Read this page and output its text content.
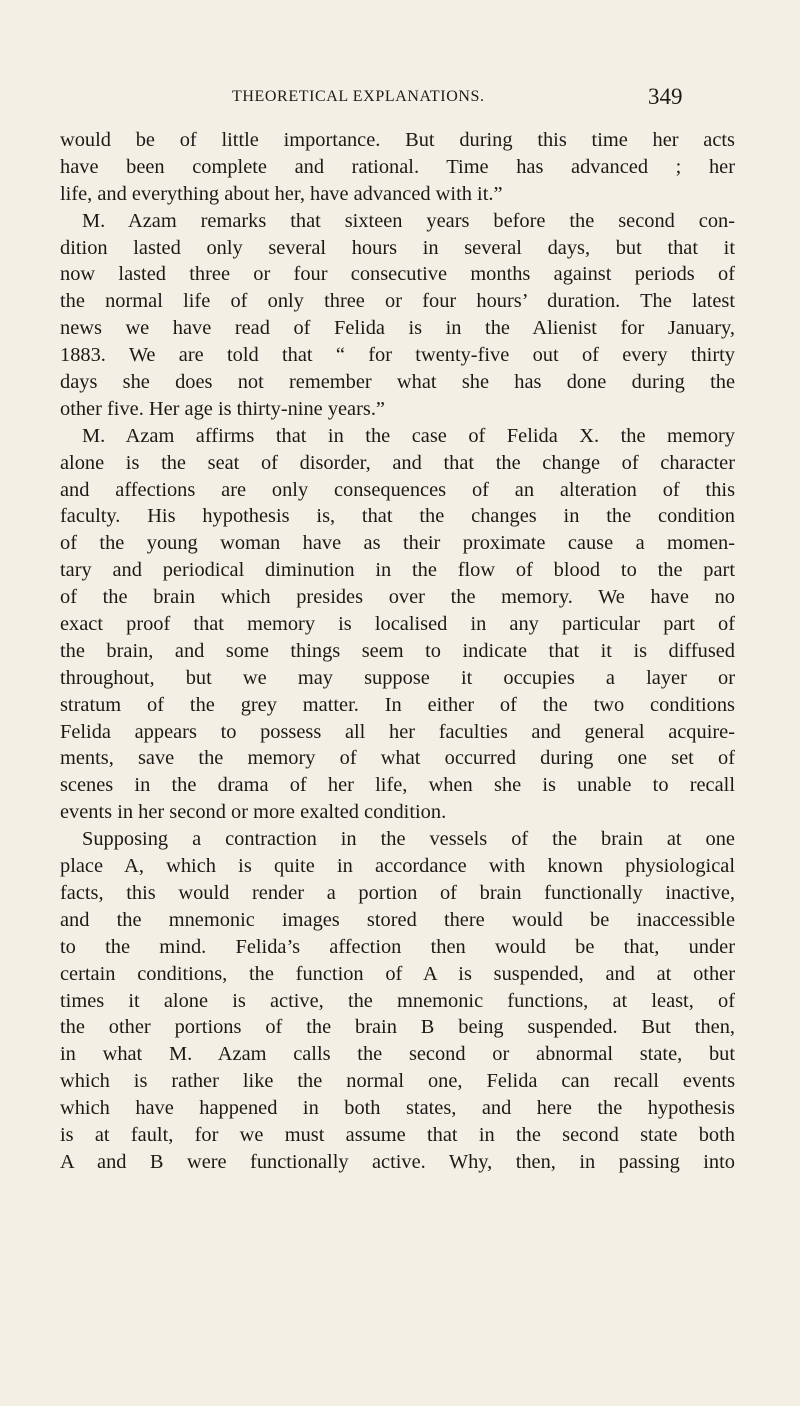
THEORETICAL EXPLANATIONS.	349
would be of little importance. But during this time her acts
have been complete and rational. Time has advanced ; her
life, and everything about her, have advanced with it.”
M. Azam remarks that sixteen years before the second con-
dition lasted only several hours in several days, but that it
now lasted three or four consecutive months against periods of
the normal life of only three or four hours’ duration. The latest
news we have read of Felida is in the Alienist for January,
1883. We are told that “ for twenty-five out of every thirty
days she does not remember what she has done during the
other five. Her age is thirty-nine years.”
M. Azam affirms that in the case of Felida X. the memory
alone is the seat of disorder, and that the change of character
and affections are only consequences of an alteration of this
faculty. His hypothesis is, that the changes in the condition
of the young woman have as their proximate cause a momen-
tary and periodical diminution in the flow of blood to the part
of the brain which presides over the memory. We have no
exact proof that memory is localised in any particular part of
the brain, and some things seem to indicate that it is diffused
throughout, but we may suppose it occupies a layer or
stratum of the grey matter. In either of the two conditions
Felida appears to possess all her faculties and general acquire-
ments, save the memory of what occurred during one set of
scenes in the drama of her life, when she is unable to recall
events in her second or more exalted condition.
Supposing a contraction in the vessels of the brain at one
place A, which is quite in accordance with known physiological
facts, this would render a portion of brain functionally inactive,
and the mnemonic images stored there would be inaccessible
to the mind. Felida’s affection then would be that, under
certain conditions, the function of A is suspended, and at other
times it alone is active, the mnemonic functions, at least, of
the other portions of the brain B being suspended. But then,
in what M. Azam calls the second or abnormal state, but
which is rather like the normal one, Felida can recall events
which have happened in both states, and here the hypothesis
is at fault, for we must assume that in the second state both
A and B were functionally active. Why, then, in passing into
